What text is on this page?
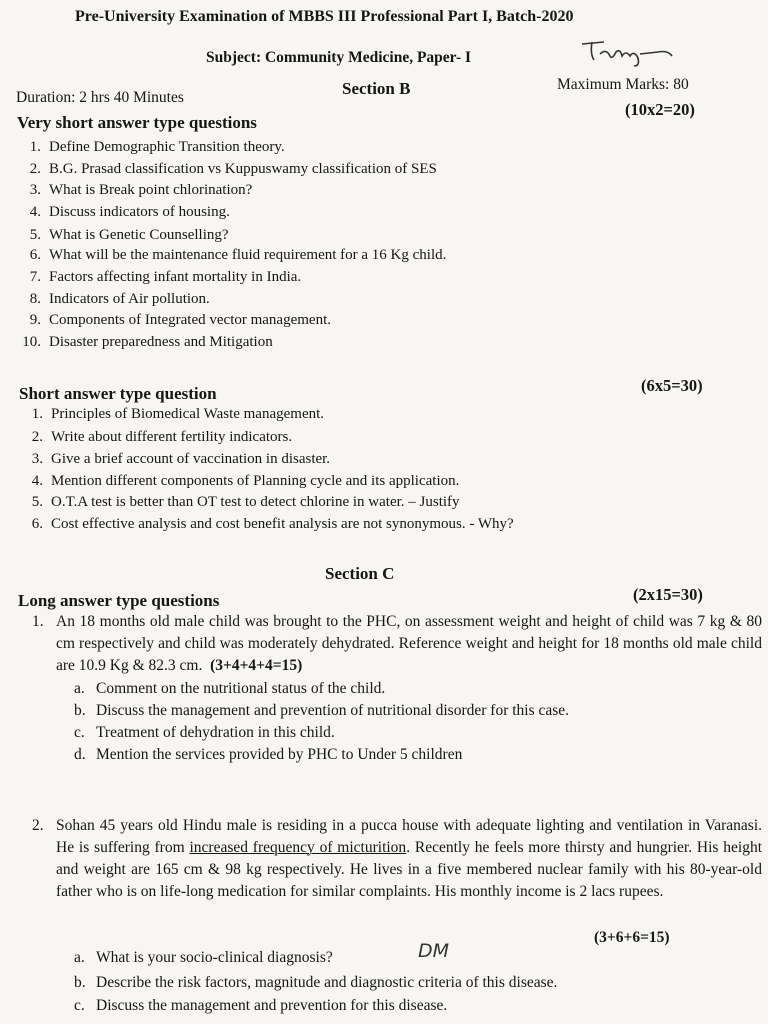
Pre-University Examination of MBBS III Professional Part I, Batch-2020
Subject: Community Medicine, Paper- I
Duration: 2 hrs 40 Minutes	Section B	Maximum Marks: 80
Very short answer type questions
(10x2=20)
1. Define Demographic Transition theory.
2. B.G. Prasad classification vs Kuppuswamy classification of SES
3. What is Break point chlorination?
4. Discuss indicators of housing.
5. What is Genetic Counselling?
6. What will be the maintenance fluid requirement for a 16 Kg child.
7. Factors affecting infant mortality in India.
8. Indicators of Air pollution.
9. Components of Integrated vector management.
10. Disaster preparedness and Mitigation
Short answer type question	(6x5=30)
1. Principles of Biomedical Waste management.
2. Write about different fertility indicators.
3. Give a brief account of vaccination in disaster.
4. Mention different components of Planning cycle and its application.
5. O.T.A test is better than OT test to detect chlorine in water. – Justify
6. Cost effective analysis and cost benefit analysis are not synonymous. - Why?
Section C
Long answer type questions	(2x15=30)
1. An 18 months old male child was brought to the PHC, on assessment weight and height of child was 7 kg & 80 cm respectively and child was moderately dehydrated. Reference weight and height for 18 months old male child are 10.9 Kg & 82.3 cm. (3+4+4+4=15)
a. Comment on the nutritional status of the child.
b. Discuss the management and prevention of nutritional disorder for this case.
c. Treatment of dehydration in this child.
d. Mention the services provided by PHC to Under 5 children
2. Sohan 45 years old Hindu male is residing in a pucca house with adequate lighting and ventilation in Varanasi. He is suffering from increased frequency of micturition. Recently he feels more thirsty and hungrier. His height and weight are 165 cm & 98 kg respectively. He lives in a five membered nuclear family with his 80-year-old father who is on life-long medication for similar complaints. His monthly income is 2 lacs rupees.
(3+6+6=15)
a. What is your socio-clinical diagnosis?	DM
b. Describe the risk factors, magnitude and diagnostic criteria of this disease.
c. Discuss the management and prevention for this disease.
